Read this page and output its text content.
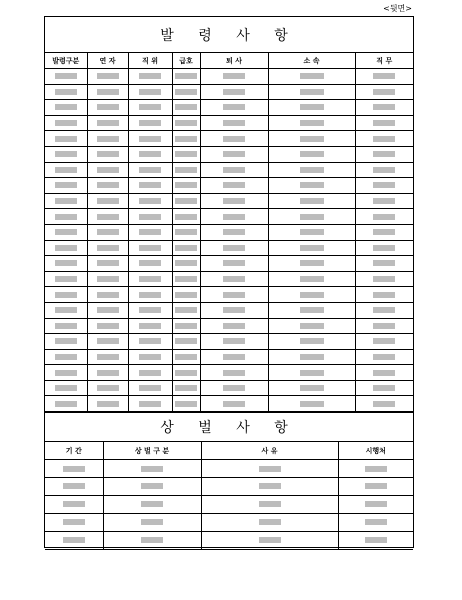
<뒷면>
발 령 사 항
발령구분	연 자	직 위	급호	퇴 사	소 속	직 무

상 벌 사 항
기 간	상 벌 구 분	사 유	시행처
